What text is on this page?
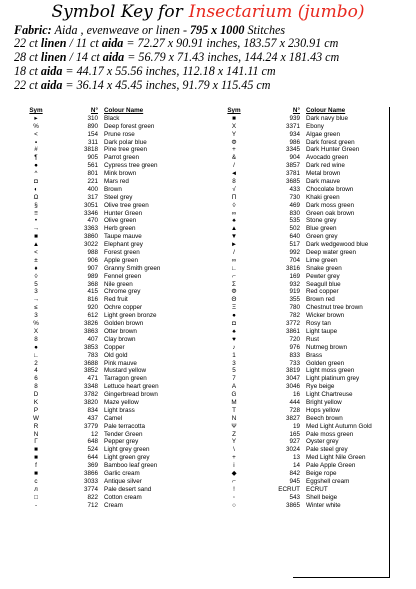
Symbol Key for Insectarium (jumbo)
Fabric: Aida , evenweave or linen - 795 x 1000 Stitches
22 ct linen / 11 ct aida = 72.27 x 90.91 inches, 183.57 x 230.91 cm
28 ct linen / 14 ct aida = 56.79 x 71.43 inches, 144.24 x 181.43 cm
18 ct aida = 44.17 x 55.56 inches, 112.18 x 141.11 cm
22 ct aida = 36.14 x 45.45 inches, 91.79 x 115.45 cm
Sym	N° Colour Name
▸	310 Black
%	890 Deep forest green
<	154 Prune rose
▪	311 Dark polar blue
#	3818 Pine tree green
¶	905 Parrot green
●	561 Cypress tree green
^	801 Mink brown
◘	221 Mars red
◐	400 Brown
Ω	317 Steel grey
§	3051 Olive tree green
≡	3346 Hunter Green
•	470 Olive green
→	3363 Herb green
■	3860 Taupe mauve
▲	3022 Elephant grey
<	988 Forest green
±	906 Apple green
♦	907 Granny Smith green
◊	989 Fennel green
5	368 Nile green
3	415 Chrome grey
→	816 Red fruit
≤	920 Ochre copper
3	612 Light green bronze
%	3826 Golden brown
X	3863 Otter brown
8	407 Clay brown
●	3853 Copper
∟	783 Old gold
2	3688 Pink mauve
4	3852 Mustard yellow
6	471 Tarragon green
8	3348 Lettuce heart green
D	3782 Gingerbread brown
K	3820 Maze yellow
P	834 Light brass
W	437 Camel
R	3779 Pale terracotta
N	12 Tender Green
Γ	648 Pepper grey
■	524 Light grey green
■	644 Light green grey
f	369 Bamboo leaf green
■	3866 Garlic cream
c	3033 Antique silver
л	3774 Pale desert sand
□	822 Cotton cream
-	712 Cream
Sym	N° Colour Name
■	939 Dark navy blue
X	3371 Ebony
Y	934 Algae green
Φ	986 Dark forest green
+	3345 Dark Hunter Green
&	904 Avocado green
/	3857 Dark red wine
◄	3781 Metal brown
8	3685 Dark mauve
√	433 Chocolate brown
Π	730 Khaki green
◊	469 Dark moss green
∞	830 Green oak brown
♠	535 Stone grey
▲	502 Blue green
▼	640 Green grey
►	517 Dark wedgewood blue
/	992 Deep water green
∞	704 Lime green
∟	3816 Snake green
⌐	169 Pewter grey
Σ	932 Seagull blue
Φ	919 Red copper
Θ	355 Brown red
Ξ	780 Chestnut tree brown
●	782 Wicker brown
◘	3772 Rosy tan
♠	3861 Light taupe
♥	720 Rust
♪	976 Nutmeg brown
1	833 Brass
3	733 Golden green
5	3819 Light moss green
7	3047 Light platinum grey
A	3046 Rye beige
G	16 Light Chartreuse
M	444 Bright yellow
T	728 Hops yellow
Ν	3827 Beech brown
Ψ	19 Med Light Autumn Gold
Z	165 Pale moss green
Y	927 Oyster grey
\	3024 Pale steel grey
+	13 Med Light Nile Green
i	14 Pale Apple Green
◆	842 Beige rope
⌐	945 Eggshell cream
!	ECRUT ECRUT
◦	543 Shell beige
○	3865 Winter white
